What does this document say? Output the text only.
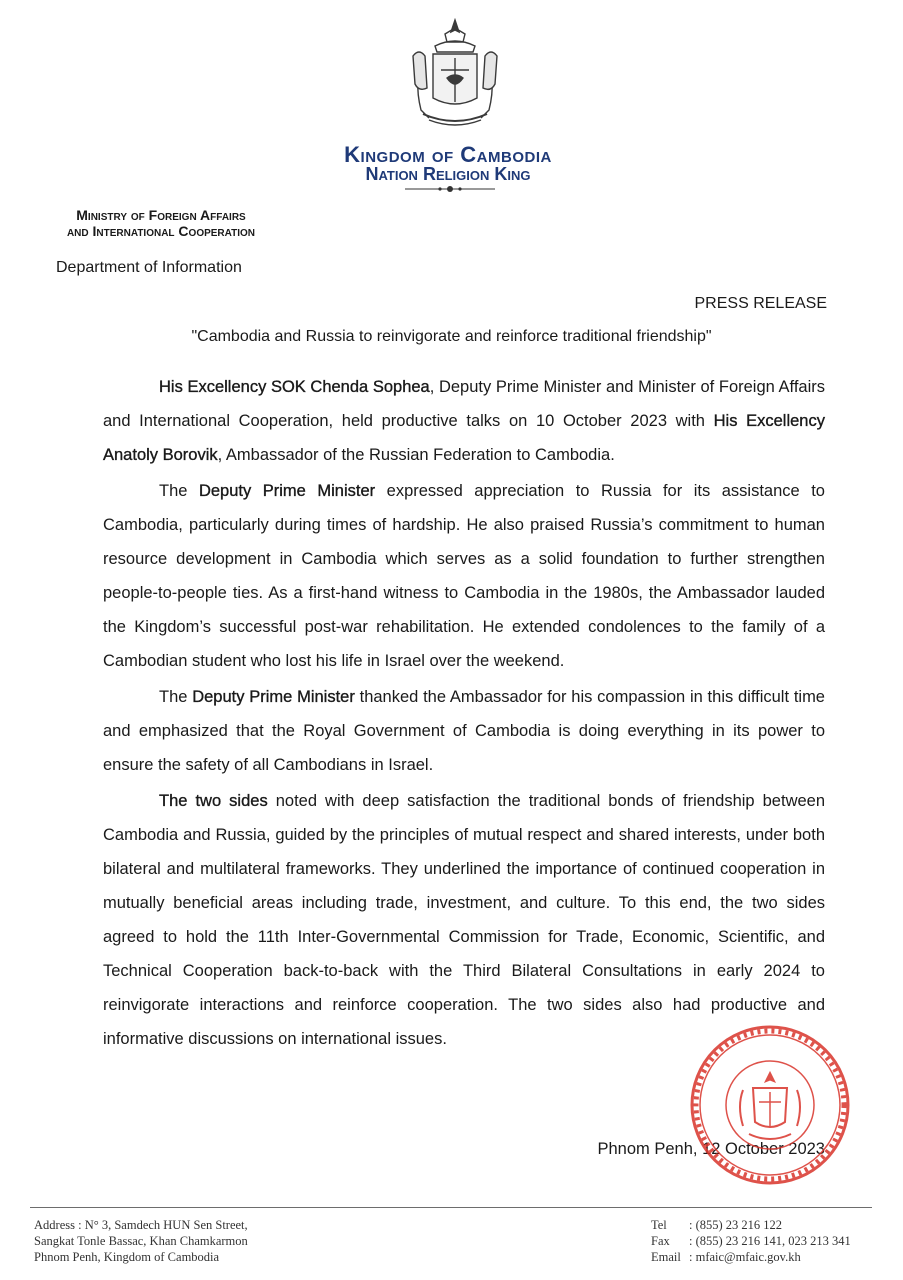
Kingdom of Cambodia
Nation Religion King
Ministry of Foreign Affairs
and International Cooperation
Department of Information
PRESS RELEASE
"Cambodia and Russia to reinvigorate and reinforce traditional friendship"

His Excellency SOK Chenda Sophea, Deputy Prime Minister and Minister of Foreign Affairs and International Cooperation, held productive talks on 10 October 2023 with His Excellency Anatoly Borovik, Ambassador of the Russian Federation to Cambodia.

The Deputy Prime Minister expressed appreciation to Russia for its assistance to Cambodia, particularly during times of hardship. He also praised Russia’s commitment to human resource development in Cambodia which serves as a solid foundation to further strengthen people-to-people ties. As a first-hand witness to Cambodia in the 1980s, the Ambassador lauded the Kingdom’s successful post-war rehabilitation. He extended condolences to the family of a Cambodian student who lost his life in Israel over the weekend.

The Deputy Prime Minister thanked the Ambassador for his compassion in this difficult time and emphasized that the Royal Government of Cambodia is doing everything in its power to ensure the safety of all Cambodians in Israel.

The two sides noted with deep satisfaction the traditional bonds of friendship between Cambodia and Russia, guided by the principles of mutual respect and shared interests, under both bilateral and multilateral frameworks. They underlined the importance of continued cooperation in mutually beneficial areas including trade, investment, and culture. To this end, the two sides agreed to hold the 11th Inter-Governmental Commission for Trade, Economic, Scientific, and Technical Cooperation back-to-back with the Third Bilateral Consultations in early 2024 to reinvigorate interactions and reinforce cooperation. The two sides also had productive and informative discussions on international issues.

Phnom Penh, 12 October 2023
Address : N° 3, Samdech HUN Sen Street,
Sangkat Tonle Bassac, Khan Chamkarmon
Phnom Penh, Kingdom of Cambodia
Tel : (855) 23 216 122
Fax : (855) 23 216 141, 023 213 341
Email : mfaic@mfaic.gov.kh
